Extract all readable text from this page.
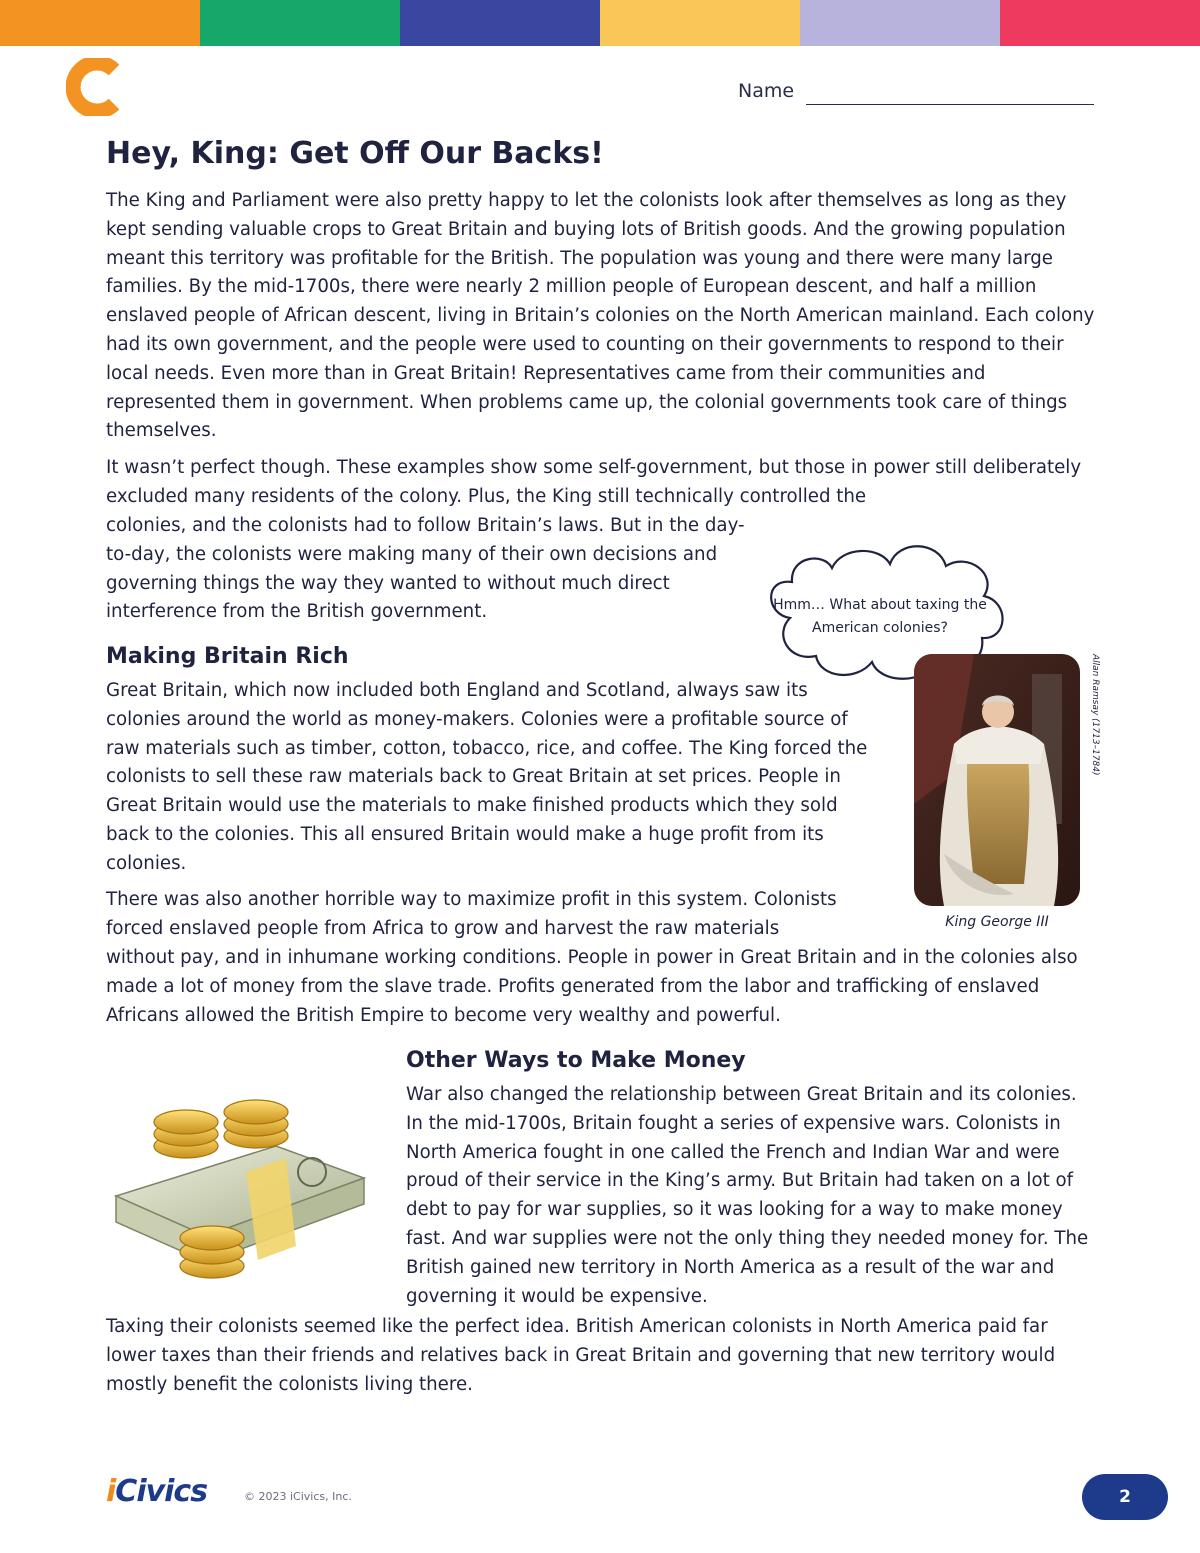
Name
Hey, King: Get Off Our Backs!

The King and Parliament were also pretty happy to let the colonists look after themselves as long as they kept sending valuable crops to Great Britain and buying lots of British goods. And the growing population meant this territory was profitable for the British. The population was young and there were many large families. By the mid-1700s, there were nearly 2 million people of European descent, and half a million enslaved people of African descent, living in Britain’s colonies on the North American mainland. Each colony had its own government, and the people were used to counting on their governments to respond to their local needs. Even more than in Great Britain! Representatives came from their communities and represented them in government. When problems came up, the colonial governments took care of things themselves.

It wasn’t perfect though. These examples show some self-government, but those in power still deliberately excluded many residents of the colony. Plus, the King still technically controlled the

colonies, and the colonists had to follow Britain’s laws. But in the day-to-day, the colonists were making many of their own decisions and governing things the way they wanted to without much direct interference from the British government.	Hmm… What about taxing the American colonies?
Allan Ramsay (1713–1784)
King George III
Making Britain Rich

Great Britain, which now included both England and Scotland, always saw its colonies around the world as money-makers. Colonies were a profitable source of raw materials such as timber, cotton, tobacco, rice, and coffee. The King forced the colonists to sell these raw materials back to Great Britain at set prices. People in Great Britain would use the materials to make finished products which they sold back to the colonies. This all ensured Britain would make a huge profit from its colonies.

There was also another horrible way to maximize profit in this system. Colonists forced enslaved people from Africa to grow and harvest the raw materials

without pay, and in inhumane working conditions. People in power in Great Britain and in the colonies also made a lot of money from the slave trade. Profits generated from the labor and trafficking of enslaved Africans allowed the British Empire to become very wealthy and powerful.

Other Ways to Make Money

War also changed the relationship between Great Britain and its colonies. In the mid-1700s, Britain fought a series of expensive wars. Colonists in North America fought in one called the French and Indian War and were proud of their service in the King’s army. But Britain had taken on a lot of debt to pay for war supplies, so it was looking for a way to make money fast. And war supplies were not the only thing they needed money for. The British gained new territory in North America as a result of the war and governing it would be expensive.

Taxing their colonists seemed like the perfect idea. British American colonists in North America paid far lower taxes than their friends and relatives back in Great Britain and governing that new territory would mostly benefit the colonists living there.

iCivics	© 2023 iCivics, Inc.	2
